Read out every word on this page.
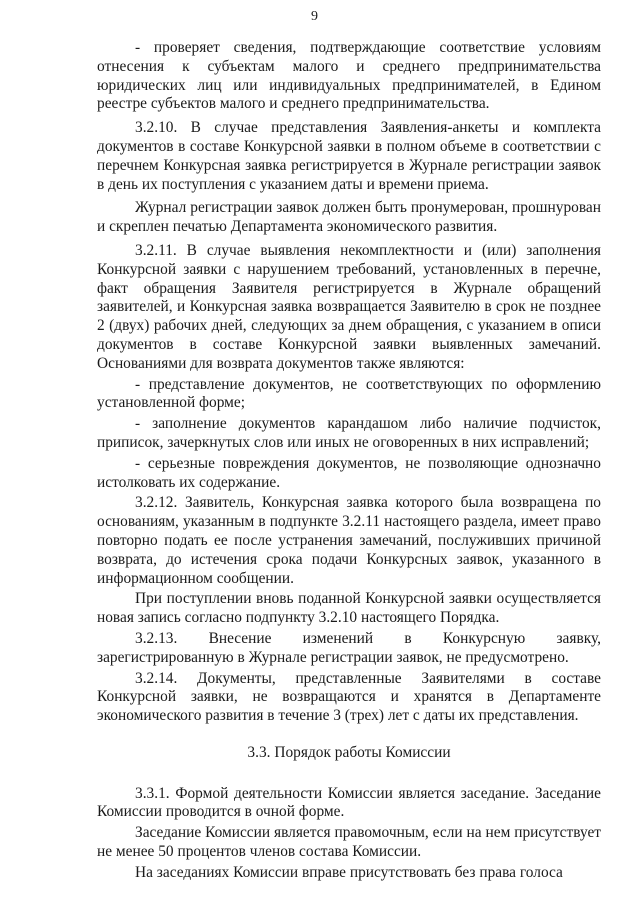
9

- проверяет сведения, подтверждающие соответствие условиям отнесения к субъектам малого и среднего предпринимательства юридических лиц или индивидуальных предпринимателей, в Едином реестре субъектов малого и среднего предпринимательства.

3.2.10. В случае представления Заявления-анкеты и комплекта документов в составе Конкурсной заявки в полном объеме в соответствии с перечнем Конкурсная заявка регистрируется в Журнале регистрации заявок в день их поступления с указанием даты и времени приема.

Журнал регистрации заявок должен быть пронумерован, прошнурован и скреплен печатью Департамента экономического развития.

3.2.11. В случае выявления некомплектности и (или) заполнения Конкурсной заявки с нарушением требований, установленных в перечне, факт обращения Заявителя регистрируется в Журнале обращений заявителей, и Конкурсная заявка возвращается Заявителю в срок не позднее 2 (двух) рабочих дней, следующих за днем обращения, с указанием в описи документов в составе Конкурсной заявки выявленных замечаний. Основаниями для возврата документов также являются:

- представление документов, не соответствующих по оформлению установленной форме;

- заполнение документов карандашом либо наличие подчисток, приписок, зачеркнутых слов или иных не оговоренных в них исправлений;

- серьезные повреждения документов, не позволяющие однозначно истолковать их содержание.

3.2.12. Заявитель, Конкурсная заявка которого была возвращена по основаниям, указанным в подпункте 3.2.11 настоящего раздела, имеет право повторно подать ее после устранения замечаний, послуживших причиной возврата, до истечения срока подачи Конкурсных заявок, указанного в информационном сообщении.

При поступлении вновь поданной Конкурсной заявки осуществляется новая запись согласно подпункту 3.2.10 настоящего Порядка.

3.2.13. Внесение изменений в Конкурсную заявку, зарегистрированную в Журнале регистрации заявок, не предусмотрено.

3.2.14. Документы, представленные Заявителями в составе Конкурсной заявки, не возвращаются и хранятся в Департаменте экономического развития в течение 3 (трех) лет с даты их представления.

3.3. Порядок работы Комиссии

3.3.1. Формой деятельности Комиссии является заседание. Заседание Комиссии проводится в очной форме.

Заседание Комиссии является правомочным, если на нем присутствует не менее 50 процентов членов состава Комиссии.

На заседаниях Комиссии вправе присутствовать без права голоса
